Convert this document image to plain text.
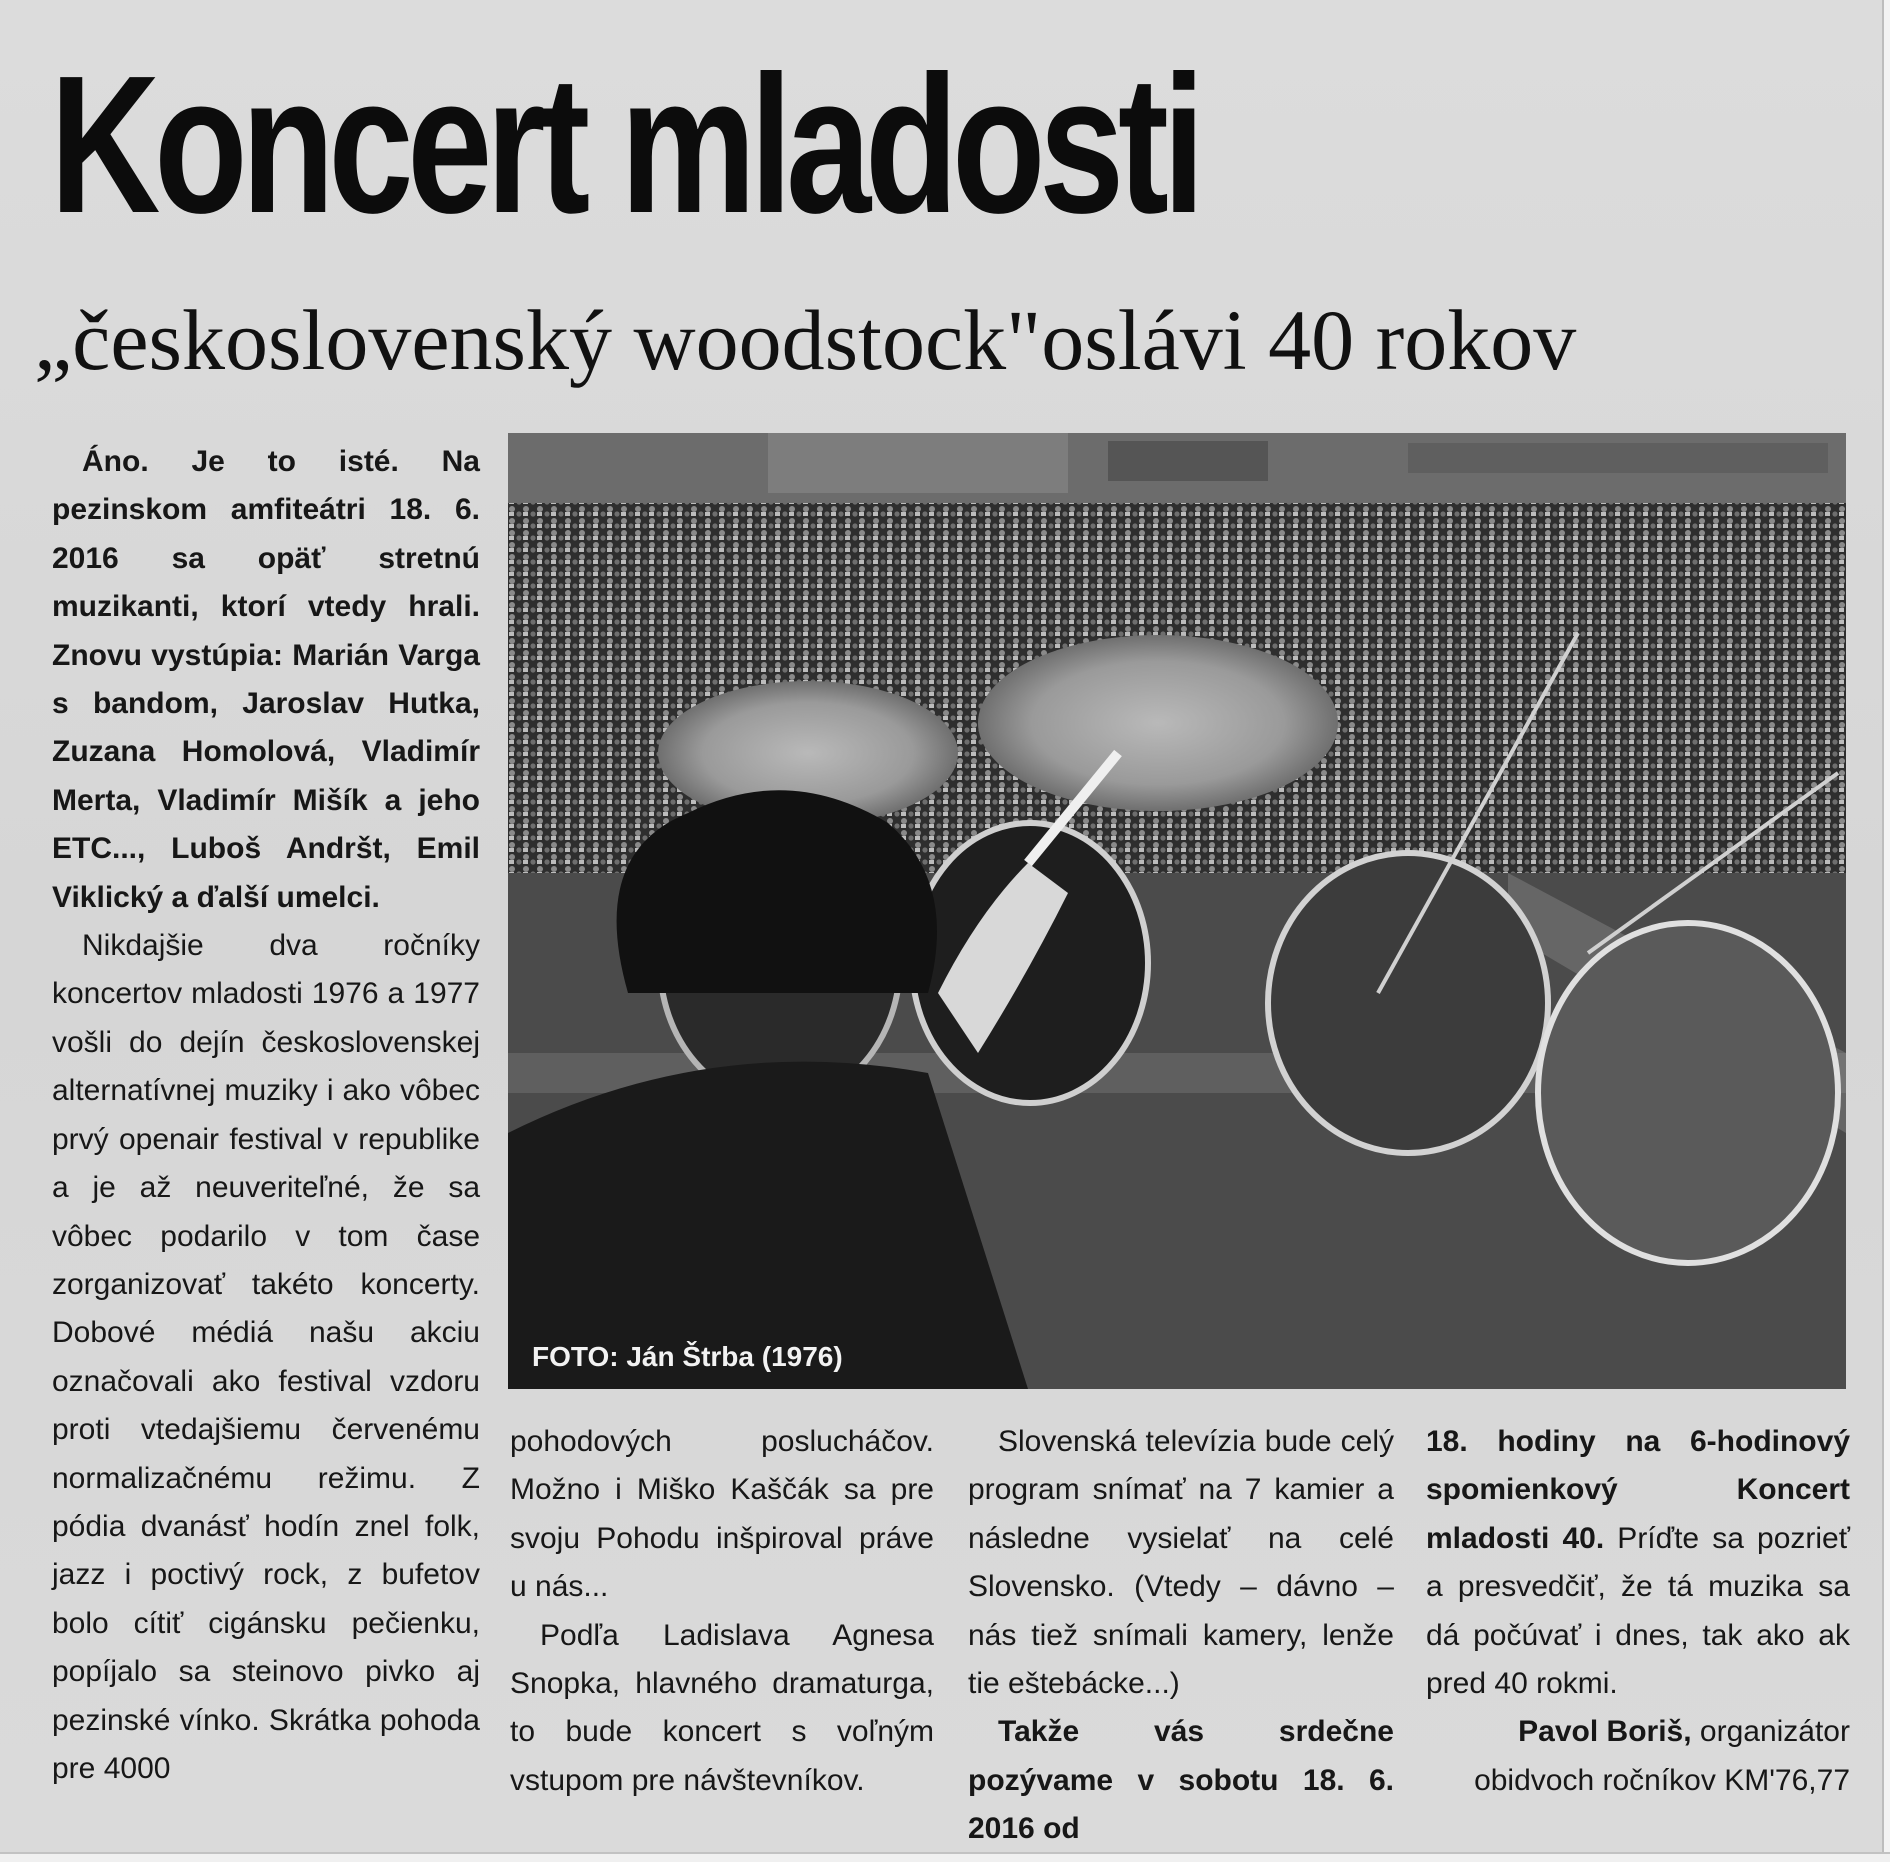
Koncert mladosti
„československý woodstock"oslávi 40 rokov
FOTO: Ján Štrba (1976)

Áno. Je to isté. Na pezinskom amfiteátri 18. 6. 2016 sa opäť stretnú muzikanti, ktorí vtedy hrali. Znovu vystúpia: Marián Varga s bandom, Jaroslav Hutka, Zuzana Homolová, Vladimír Merta, Vladimír Mišík a jeho ETC..., Luboš Andršt, Emil Viklický a ďalší umelci.

Nikdajšie dva ročníky koncertov mladosti 1976 a 1977 vošli do dejín československej alternatívnej muziky i ako vôbec prvý openair festival v republike a je až neuveriteľné, že sa vôbec podarilo v tom čase zorganizovať takéto koncerty. Dobové médiá našu akciu označovali ako festival vzdoru proti vtedajšiemu červenému normalizačnému režimu. Z pódia dvanásť hodín znel folk, jazz i poctivý rock, z bufetov bolo cítiť cigánsku pečienku, popíjalo sa steinovo pivko aj pezinské vínko. Skrátka pohoda pre 4000

pohodových poslucháčov. Možno i Miško Kaščák sa pre svoju Pohodu inšpiroval práve u nás...

Podľa Ladislava Agnesa Snopka, hlavného dramaturga, to bude koncert s voľným vstupom pre návštevníkov.

Slovenská televízia bude celý program snímať na 7 kamier a následne vysielať na celé Slovensko. (Vtedy – dávno – nás tiež snímali kamery, lenže tie eštebácke...)

Takže vás srdečne pozývame v sobotu 18. 6. 2016 od

18. hodiny na 6-hodinový spomienkový Koncert mladosti 40. Príďte sa pozrieť a presvedčiť, že tá muzika sa dá počúvať i dnes, tak ako ak pred 40 rokmi.

Pavol Boriš, organizátor obidvoch ročníkov KM'76,77
